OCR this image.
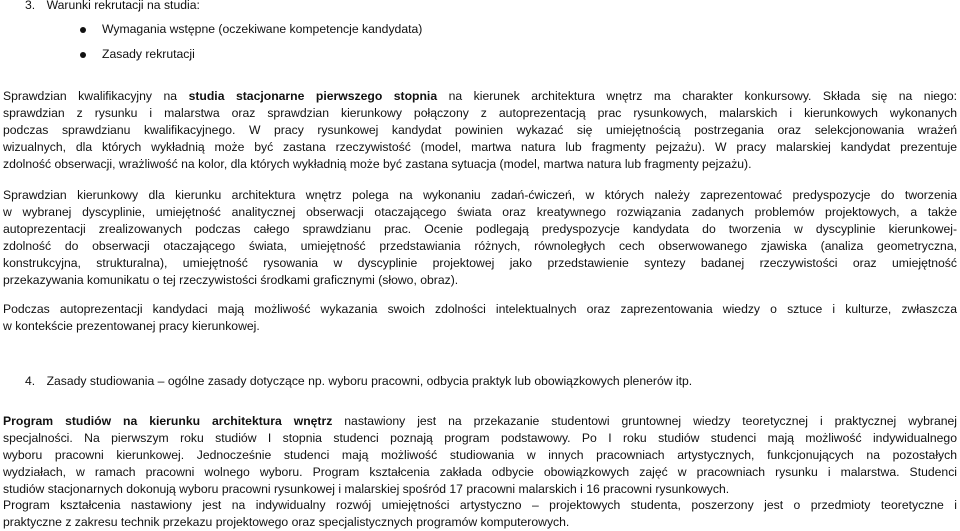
3. Warunki rekrutacji na studia:
Wymagania wstępne (oczekiwane kompetencje kandydata)
Zasady rekrutacji
Sprawdzian kwalifikacyjny na studia stacjonarne pierwszego stopnia na kierunek architektura wnętrz ma charakter konkursowy. Składa się na niego:
sprawdzian z rysunku i malarstwa oraz sprawdzian kierunkowy połączony z autoprezentacją prac rysunkowych, malarskich i kierunkowych wykonanych
podczas sprawdzianu kwalifikacyjnego. W pracy rysunkowej kandydat powinien wykazać się umiejętnością postrzegania oraz selekcjonowania wrażeń
wizualnych, dla których wykładnią może być zastana rzeczywistość (model, martwa natura lub fragmenty pejzażu). W pracy malarskiej kandydat prezentuje
zdolność obserwacji, wrażliwość na kolor, dla których wykładnią może być zastana sytuacja (model, martwa natura lub fragmenty pejzażu).
Sprawdzian kierunkowy dla kierunku architektura wnętrz polega na wykonaniu zadań-ćwiczeń, w których należy zaprezentować predyspozycje do tworzenia
w wybranej dyscyplinie, umiejętność analitycznej obserwacji otaczającego świata oraz kreatywnego rozwiązania zadanych problemów projektowych, a także
autoprezentacji zrealizowanych podczas całego sprawdzianu prac. Ocenie podlegają predyspozycje kandydata do tworzenia w dyscyplinie kierunkowej-
zdolność do obserwacji otaczającego świata, umiejętność przedstawiania różnych, równoległych cech obserwowanego zjawiska (analiza geometryczna,
konstrukcyjna, strukturalna), umiejętność rysowania w dyscyplinie projektowej jako przedstawienie syntezy badanej rzeczywistości oraz umiejętność
przekazywania komunikatu o tej rzeczywistości środkami graficznymi (słowo, obraz).
Podczas autoprezentacji kandydaci mają możliwość wykazania swoich zdolności intelektualnych oraz zaprezentowania wiedzy o sztuce i kulturze, zwłaszcza
w kontekście prezentowanej pracy kierunkowej.
4. Zasady studiowania – ogólne zasady dotyczące np. wyboru pracowni, odbycia praktyk lub obowiązkowych plenerów itp.
Program studiów na kierunku architektura wnętrz nastawiony jest na przekazanie studentowi gruntownej wiedzy teoretycznej i praktycznej wybranej
specjalności. Na pierwszym roku studiów I stopnia studenci poznają program podstawowy. Po I roku studiów studenci mają możliwość indywidualnego
wyboru pracowni kierunkowej. Jednocześnie studenci mają możliwość studiowania w innych pracowniach artystycznych, funkcjonujących na pozostałych
wydziałach, w ramach pracowni wolnego wyboru. Program kształcenia zakłada odbycie obowiązkowych zajęć w pracowniach rysunku i malarstwa. Studenci
studiów stacjonarnych dokonują wyboru pracowni rysunkowej i malarskiej spośród 17 pracowni malarskich i 16 pracowni rysunkowych.
Program kształcenia nastawiony jest na indywidualny rozwój umiejętności artystyczno – projektowych studenta, poszerzony jest o przedmioty teoretyczne i
praktyczne z zakresu technik przekazu projektowego oraz specjalistycznych programów komputerowych.
